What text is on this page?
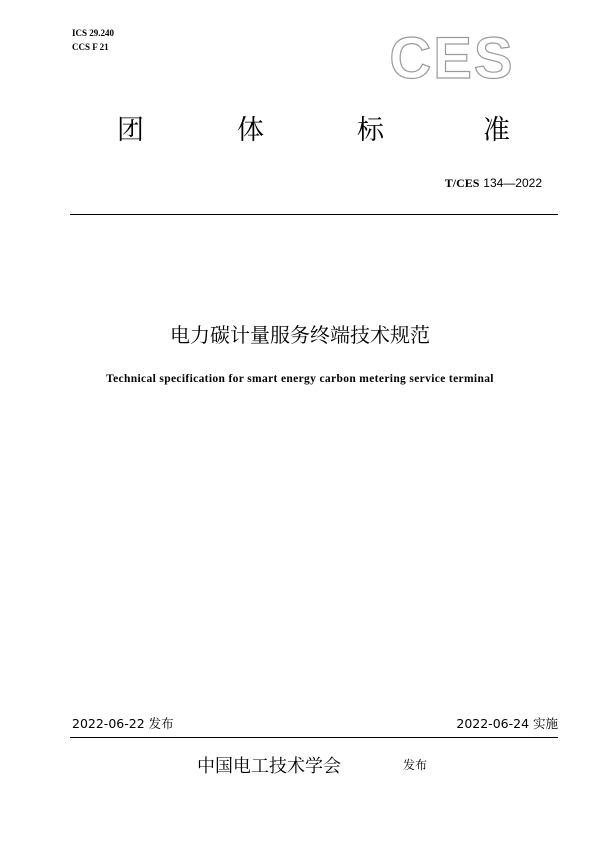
ICS 29.240
CCS F 21	CES
团	体	标	准
T/CES 134—2022
电力碳计量服务终端技术规范
Technical specification for smart energy carbon metering service terminal
2022-06-22 发布	2022-06-24 实施
中国电工技术学会	发布
